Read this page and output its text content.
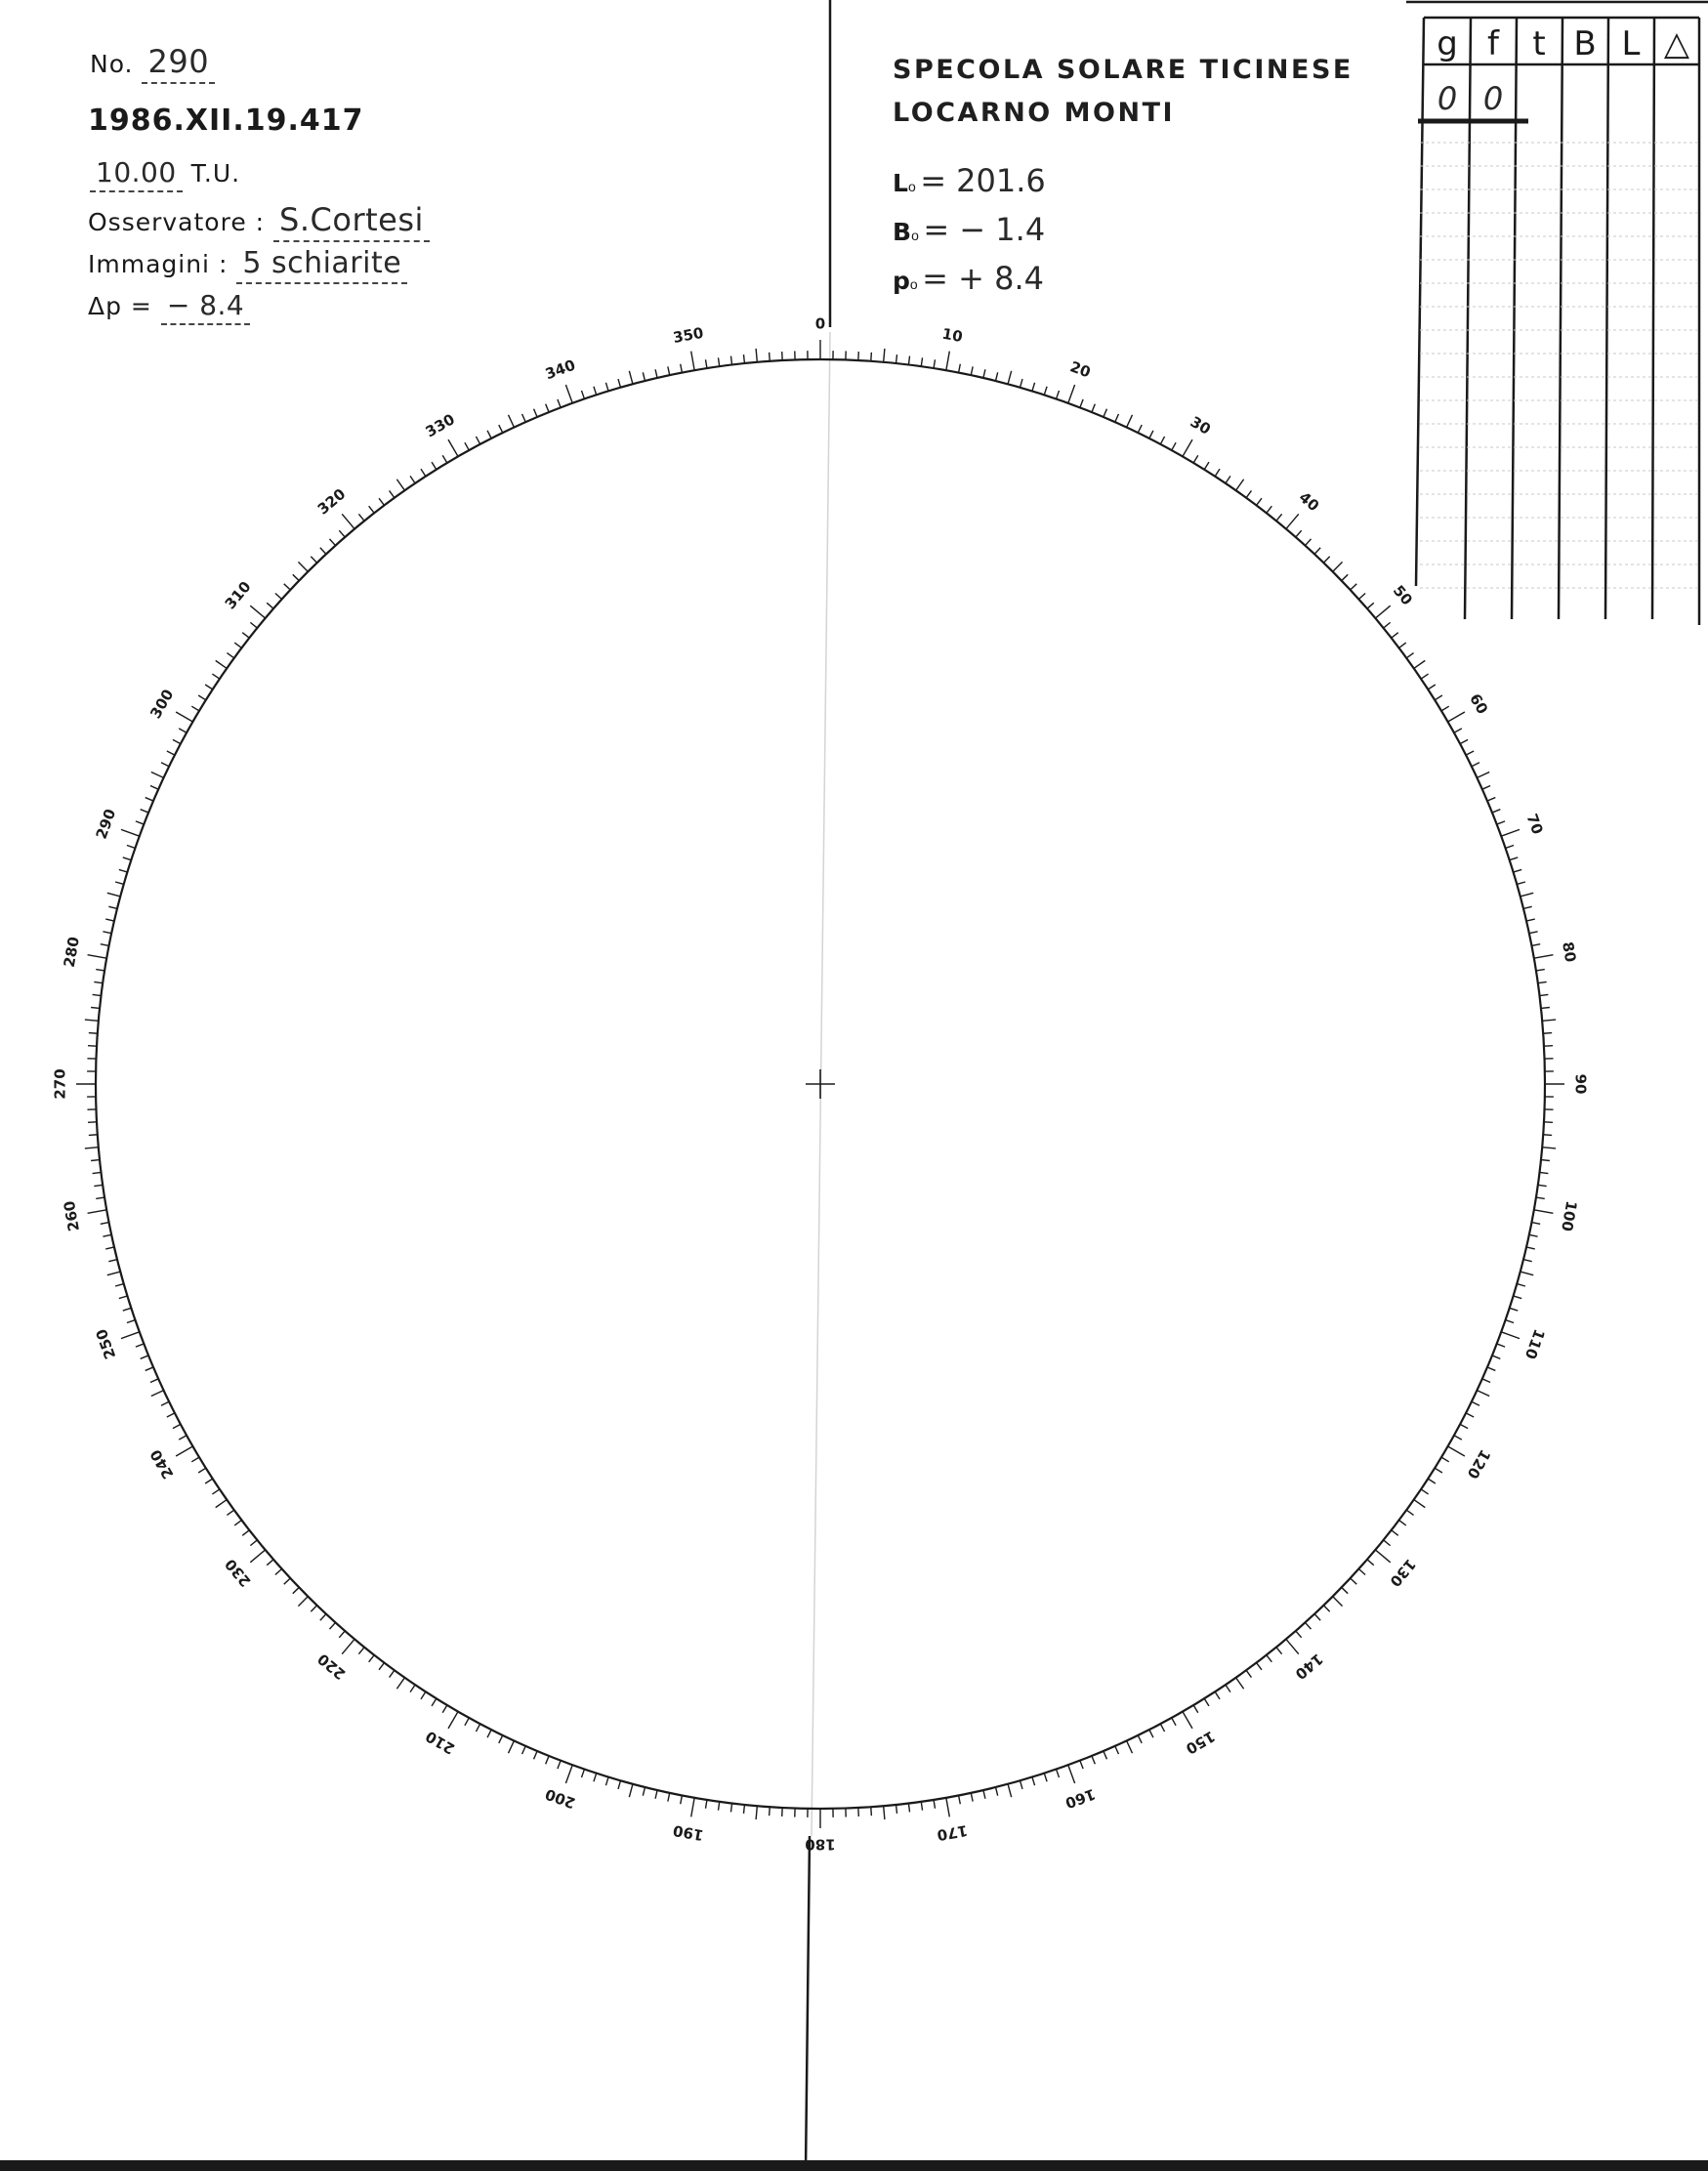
No. 290
1986.XII.19.417
10.00 T.U.
Osservatore : S.Cortesi
Immagini : 5 schiarite
Δp = − 8.4
SPECOLA SOLARE TICINESE
LOCARNO MONTI
Lo = 201.6
Bo = − 1.4
po = + 8.4
g f t B L △
0 0
0
10
20
30
40
50
60
70
80
90
100
110
120
130
140
150
160
170
180
190
200
210
220
230
240
250
260
270
280
290
300
310
320
330
340
350
